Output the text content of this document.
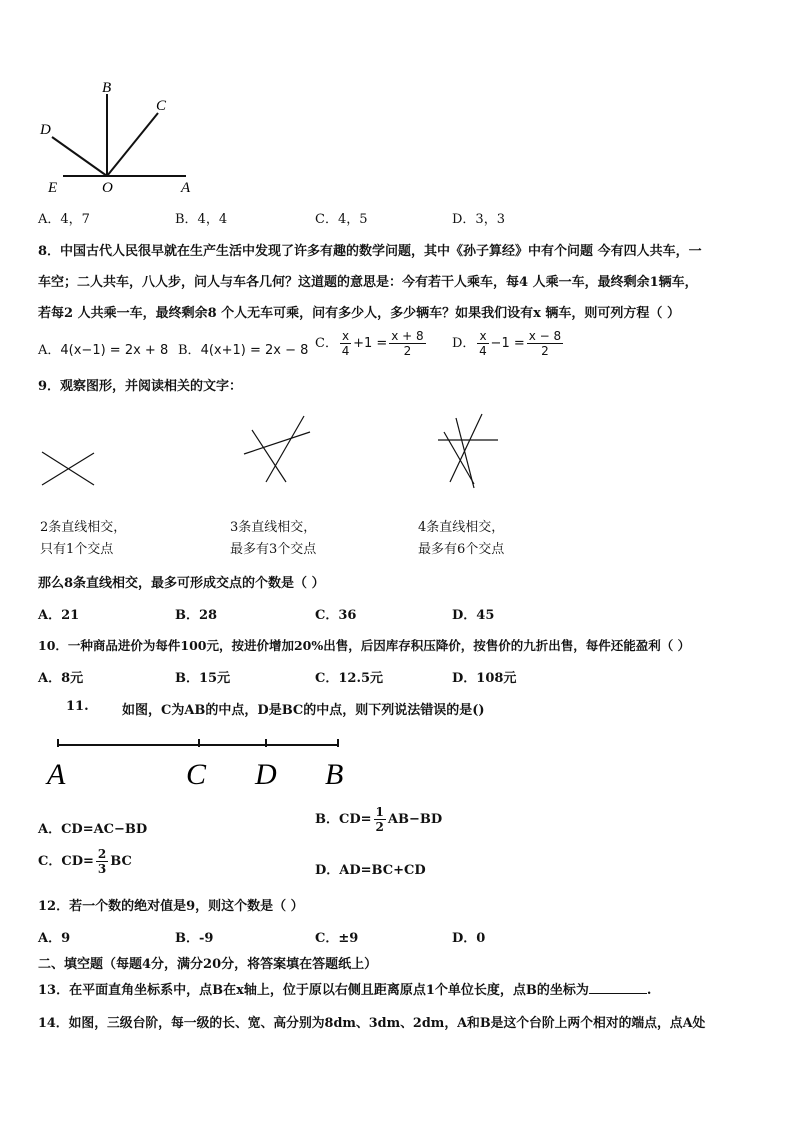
B
C
D
E	O	A
A．4，7	B．4，4	C．4，5	D．3，3
8．中国古代人民很早就在生产生活中发现了许多有趣的数学问题，其中《孙子算经》中有个问题 今有四人共车，一
车空；二人共车，八人步，问人与车各几何？这道题的意思是：今有若干人乘车，每4 人乘一车，最终剩余1辆车，
若每2 人共乘一车，最终剩余8 个人无车可乘，问有多少人，多少辆车？如果我们设有x 辆车，则可列方程（ ）
A．4(x−1) = 2x + 8 B．4(x+1) = 2x − 8 C． $\frac{x}{4} +1 = \frac{x + 8}{2}$ D． $\frac{x}{4} -1 = \frac{x - 8}{2}$
9．观察图形，并阅读相关的文字：
2条直线相交，
只有1个交点
3条直线相交，
最多有3个交点
4条直线相交，
最多有6个交点
那么8条直线相交，最多可形成交点的个数是（ ）
A．21	B．28	C．36	D．45
10．一种商品进价为每件100元，按进价增加20%出售，后因库存积压降价，按售价的九折出售，每件还能盈利（ ）
A．8元	B．15元	C．12.5元	D．108元
11.	如图，C为AB的中点，D是BC的中点，则下列说法错误的是()
A	C D B
A．CD=AC−BD
B．$CD= \frac{1}{2} AB-BD$
C．$CD= \frac{2}{3}$ BC
D．AD=BC+CD
12．若一个数的绝对值是9，则这个数是（ ）
A．9	B．-9	C．±9	D．0
二、填空题（每题4分，满分20分，将答案填在答题纸上）
13．在平面直角坐标系中，点B在x轴上，位于原以右侧且距离原点1个单位长度，点B的坐标为	.
14．如图，三级台阶，每一级的长、宽、高分别为8dm、3dm、2dm，A和B是这个台阶上两个相对的端点，点A处
